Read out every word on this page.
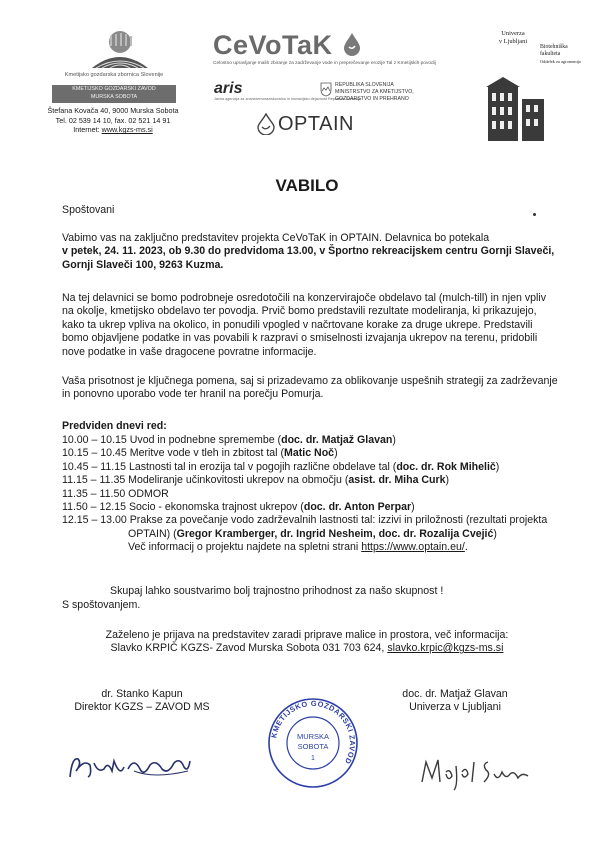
Kmetijsko gozdarska zbornica Slovenije
KMETIJSKO GOZDARSKI ZAVOD
MURSKA SOBOTA
Štefana Kovača 40, 9000 Murska Sobota
Tel. 02 539 14 10, fax. 02 521 14 91
Internet: www.kgzs-ms.si
CeVoTaK
Celostno upravljanje malih zbiranje za zadrževanje vode in preprečevanje erozije Tal z Kmetijskih povodij
aris
Javna agencija za znanstvenoraziskovalno in inovacijsko dejavnost Republike Slovenije
REPUBLIKA SLOVENIJA
MINISTRSTVO ZA KMETIJSTVO,
GOZDARSTVO IN PREHRANO
OPTAIN
Univerza
v Ljubljani
Biotehniška
fakulteta
Oddelek za agronomijo
VABILO
Spoštovani
Vabimo vas na zaključno predstavitev projekta CeVoTaK in OPTAIN. Delavnica bo potekala
v petek, 24. 11. 2023, ob 9.30 do predvidoma 13.00, v Športno rekreacijskem centru Gornji Slaveči,
Gornji Slaveči 100, 9263 Kuzma.
Na tej delavnici se bomo podrobneje osredotočili na konzervirajoče obdelavo tal (mulch-till) in njen vpliv
na okolje, kmetijsko obdelavo ter povodja. Prvič bomo predstavili rezultate modeliranja, ki prikazujejo,
kako ta ukrep vpliva na okolico, in ponudili vpogled v načrtovane korake za druge ukrepe. Predstavili
bomo objavljene podatke in vas povabili k razpravi o smiselnosti izvajanja ukrepov na terenu, pridobili
nove podatke in vaše dragocene povratne informacije.
Vaša prisotnost je ključnega pomena, saj si prizadevamo za oblikovanje uspešnih strategij za zadrževanje
in ponovno uporabo vode ter hranil na porečju Pomurja.
Predviden dnevi red:
10.00 – 10.15 Uvod in podnebne spremembe (doc. dr. Matjaž Glavan)
10.15 – 10.45 Meritve vode v tleh in zbitost tal (Matic Noč)
10.45 – 11.15 Lastnosti tal in erozija tal v pogojih različne obdelave tal (doc. dr. Rok Mihelič)
11.15 – 11.35 Modeliranje učinkovitosti ukrepov na območju (asist. dr. Miha Curk)
11.35 – 11.50 ODMOR
11.50 – 12.15 Socio - ekonomska trajnost ukrepov (doc. dr. Anton Perpar)
12.15 – 13.00 Prakse za povečanje vodo zadrževalnih lastnosti tal: izzivi in priložnosti (rezultati projekta
OPTAIN) (Gregor Kramberger, dr. Ingrid Nesheim, doc. dr. Rozalija Cvejić)
Več informacij o projektu najdete na spletni strani https://www.optain.eu/.
Skupaj lahko soustvarimo bolj trajnostno prihodnost za našo skupnost !
S spoštovanjem.
Zaželeno je prijava na predstavitev zaradi priprave malice in prostora, več informacija:
Slavko KRPIČ KGZS- Zavod Murska Sobota 031 703 624, slavko.krpic@kgzs-ms.si
dr. Stanko Kapun
Direktor KGZS – ZAVOD MS
doc. dr. Matjaž Glavan
Univerza v Ljubljani
KMETIJSKO GOZDARSKI ZAVOD
MURSKA
SOBOTA
1
